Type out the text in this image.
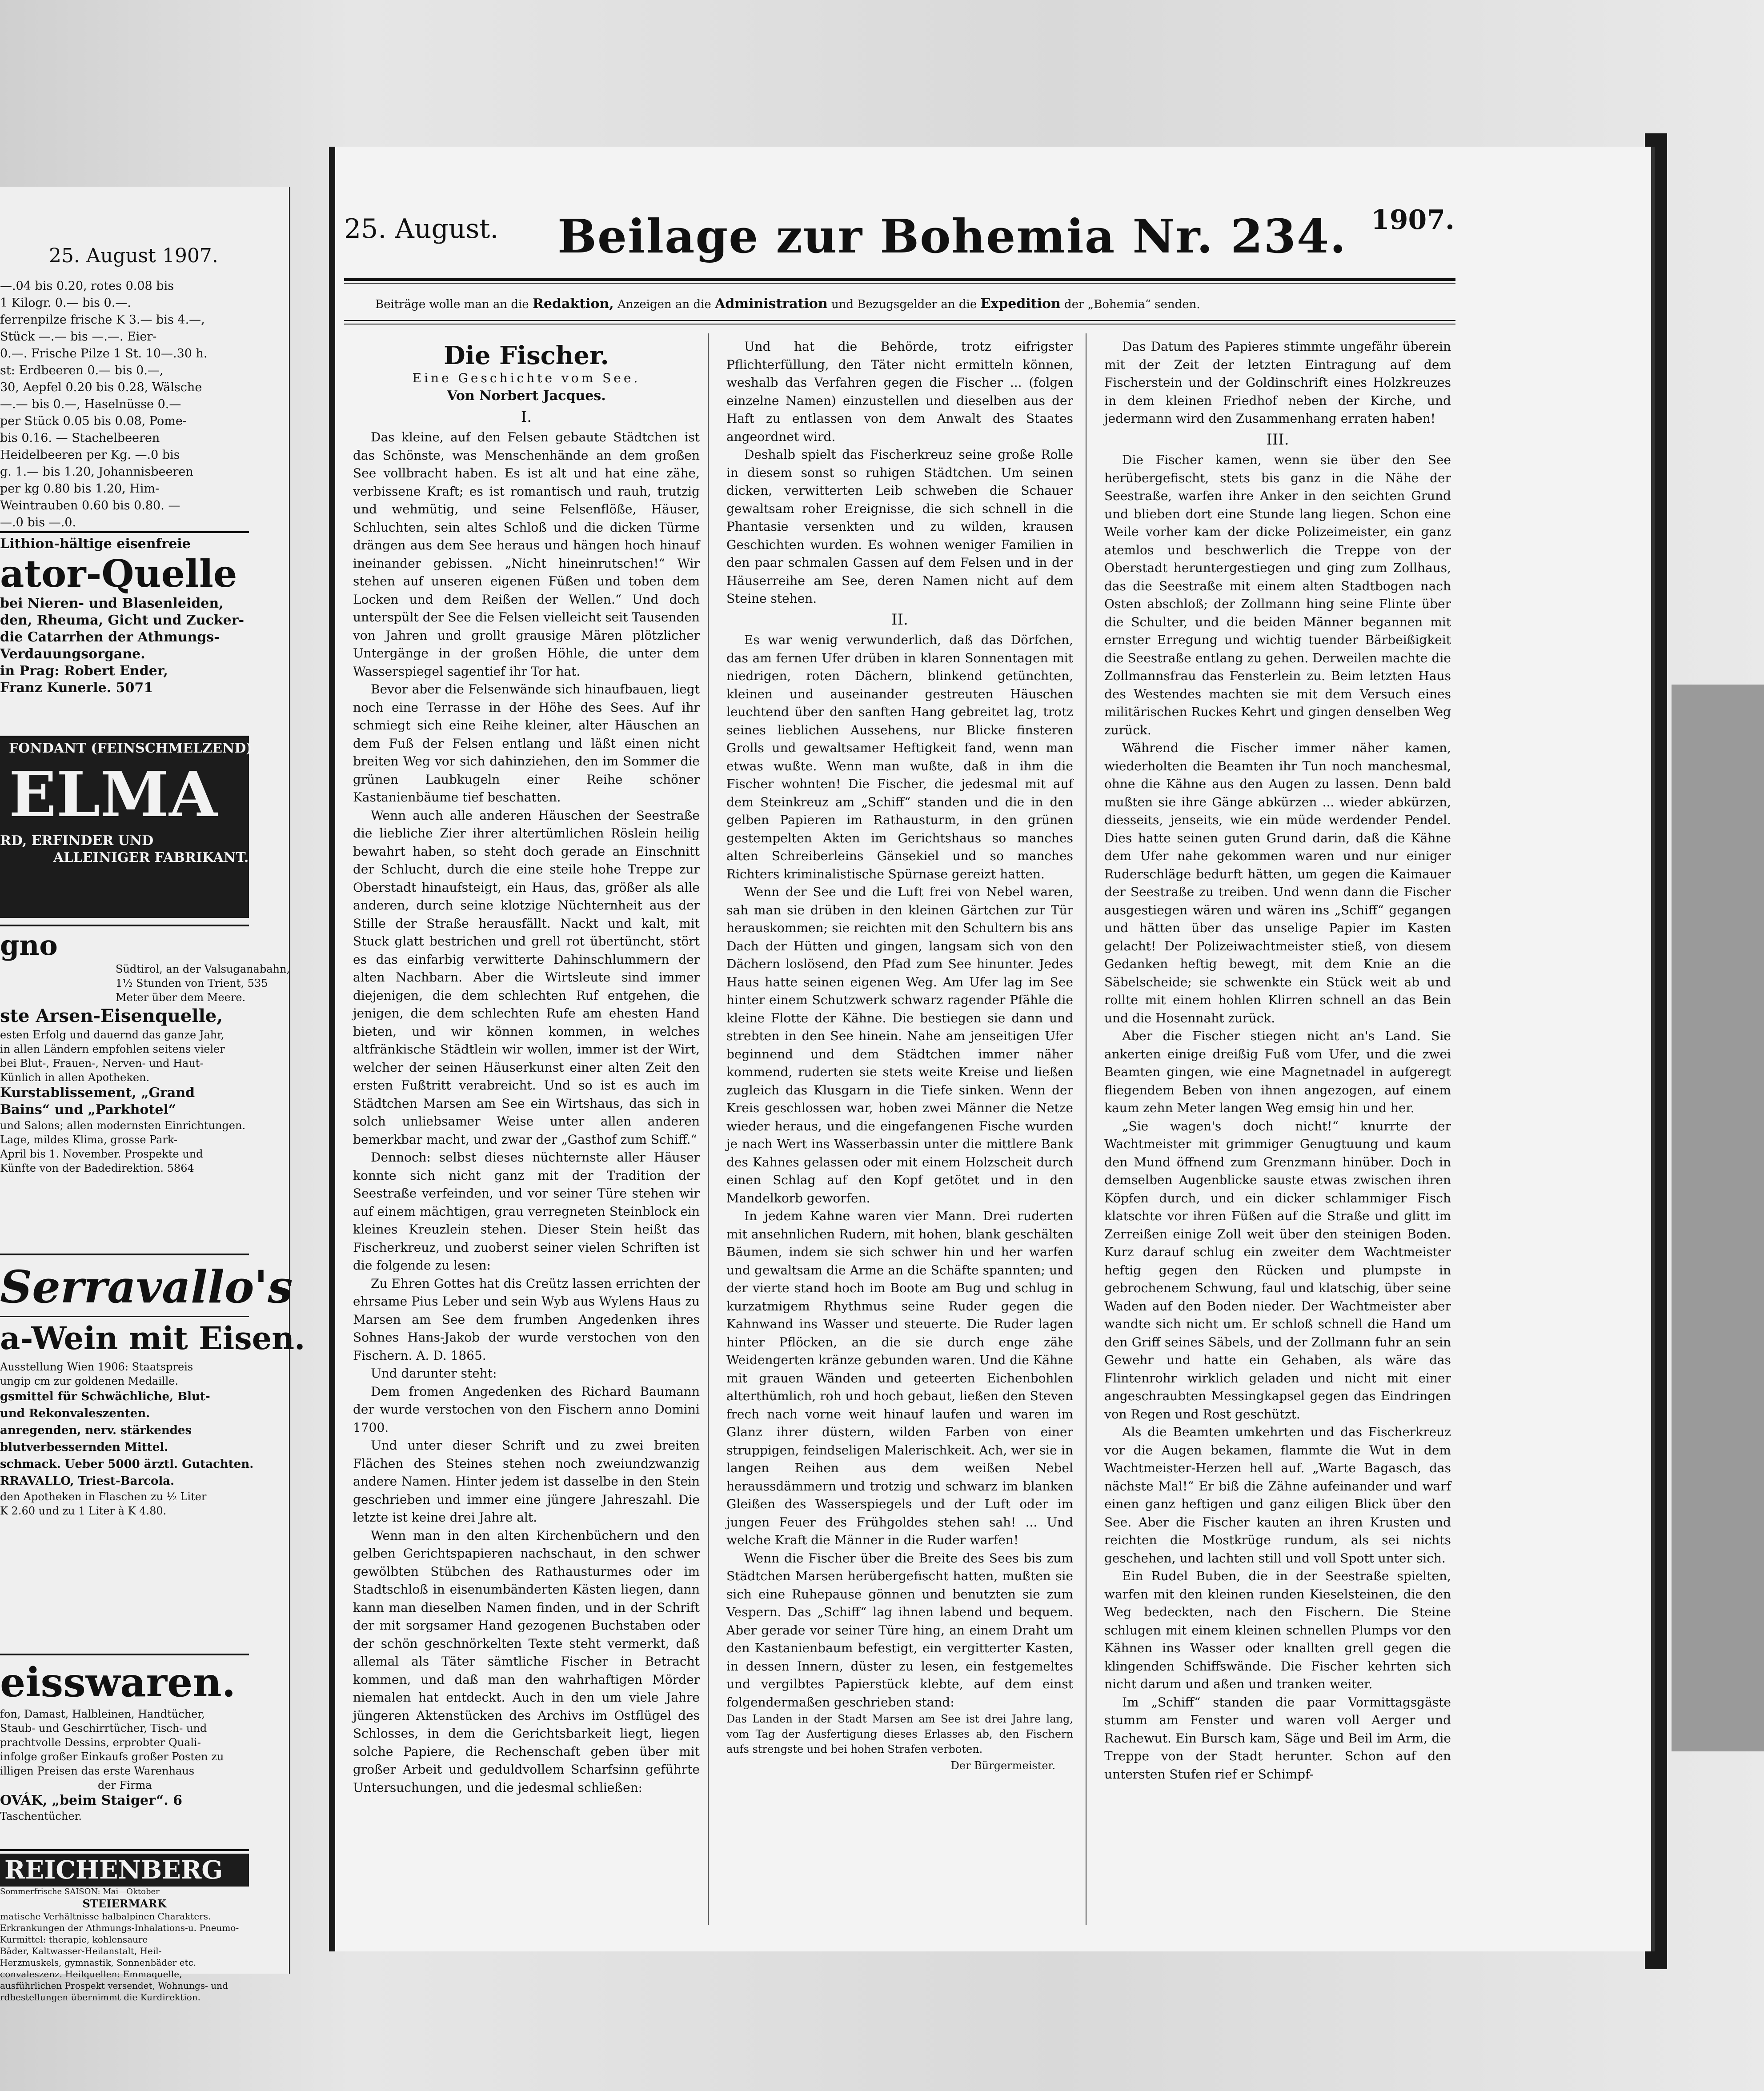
25. August 1907.
—.04 bis 0.20, rotes 0.08 bis
1 Kilogr. 0.— bis 0.—.
ferrenpilze frische K 3.— bis 4.—,
Stück —.— bis —.—. Eier-
0.—. Frische Pilze 1 St. 10—.30 h.
st: Erdbeeren 0.— bis 0.—,
30, Aepfel 0.20 bis 0.28, Wälsche
—.— bis 0.—, Haselnüsse 0.—
per Stück 0.05 bis 0.08, Pome-
bis 0.16. — Stachelbeeren
Heidelbeeren per Kg. —.0 bis
g. 1.— bis 1.20, Johannisbeeren
per kg 0.80 bis 1.20, Him-
Weintrauben 0.60 bis 0.80. —
—.0 bis —.0.
Lithion-hältige eisenfreie
ator-Quelle
bei Nieren- und Blasenleiden,
den, Rheuma, Gicht und Zucker-
die Catarrhen der Athmungs-
Verdauungsorgane.
in Prag: Robert Ender,
Franz Kunerle. 5071
FONDANT (FEINSCHMELZEND)
ELMA
RD, ERFINDER UND
ALLEINIGER FABRIKANT.
gno
Südtirol, an der Valsuganabahn,
1½ Stunden von Trient, 535
Meter über dem Meere.
ste Arsen-Eisenquelle,
esten Erfolg und dauernd das ganze Jahr,
in allen Ländern empfohlen seitens vieler
bei Blut-, Frauen-, Nerven- und Haut-
Künlich in allen Apotheken.
Kurstablissement, „Grand
Bains“ und „Parkhotel“
und Salons; allen modernsten Einrichtungen.
Lage, mildes Klima, grosse Park-
April bis 1. November. Prospekte und
Künfte von der Badedirektion. 5864
Serravallo's
a-Wein mit Eisen.
Ausstellung Wien 1906: Staatspreis
ungip cm zur goldenen Medaille.
gsmittel für Schwächliche, Blut-
und Rekonvaleszenten.
anregenden, nerv. stärkendes
blutverbessernden Mittel.
schmack. Ueber 5000 ärztl. Gutachten.
RRAVALLO, Triest-Barcola.
den Apotheken in Flaschen zu ½ Liter
K 2.60 und zu 1 Liter à K 4.80.
eisswaren.
fon, Damast, Halbleinen, Handtücher,
Staub- und Geschirrtücher, Tisch- und
prachtvolle Dessins, erprobter Quali-
infolge großer Einkaufs großer Posten zu
illigen Preisen das erste Warenhaus
der Firma
OVÁK, „beim Staiger“. 6
Taschentücher.
REICHENBERG
Sommerfrische SAISON: Mai—Oktober
STEIERMARK
matische Verhältnisse halbalpinen Charakters.
Erkrankungen der Athmungs-Inhalations-u. Pneumo-
Kurmittel: therapie, kohlensaure
Bäder, Kaltwasser-Heilanstalt, Heil-
Herzmuskels, gymnastik, Sonnenbäder etc.
convaleszenz. Heilquellen: Emmaquelle,
ausführlichen Prospekt versendet, Wohnungs- und
rdbestellungen übernimmt die Kurdirektion.
25. August. Beilage zur Bohemia Nr. 234. 1907.
Beiträge wolle man an die Redaktion, Anzeigen an die Administration und Bezugsgelder an die Expedition der „Bohemia“ senden.
Die Fischer.
Eine Geschichte vom See.
Von Norbert Jacques.
I.

Das kleine, auf den Felsen gebaute Städtchen ist das Schönste, was Menschenhände an dem großen See vollbracht haben. Es ist alt und hat eine zähe, verbissene Kraft; es ist romantisch und rauh, trutzig und wehmütig, und seine Felsenflöße, Häuser, Schluchten, sein altes Schloß und die dicken Türme drängen aus dem See heraus und hängen hoch hinauf ineinander gebissen. „Nicht hineinrutschen!“ Wir stehen auf unseren eigenen Füßen und toben dem Locken und dem Reißen der Wellen.“ Und doch unterspült der See die Felsen vielleicht seit Tausenden von Jahren und grollt grausige Mären plötzlicher Untergänge in der großen Höhle, die unter dem Wasserspiegel sagentief ihr Tor hat.

Bevor aber die Felsenwände sich hinaufbauen, liegt noch eine Terrasse in der Höhe des Sees. Auf ihr schmiegt sich eine Reihe kleiner, alter Häuschen an dem Fuß der Felsen entlang und läßt einen nicht breiten Weg vor sich dahinziehen, den im Sommer die grünen Laubkugeln einer Reihe schöner Kastanienbäume tief beschatten.

Wenn auch alle anderen Häuschen der Seestraße die liebliche Zier ihrer altertümlichen Röslein heilig bewahrt haben, so steht doch gerade an Einschnitt der Schlucht, durch die eine steile hohe Treppe zur Oberstadt hinaufsteigt, ein Haus, das, größer als alle anderen, durch seine klotzige Nüchternheit aus der Stille der Straße herausfällt. Nackt und kalt, mit Stuck glatt bestrichen und grell rot übertüncht, stört es das einfarbig verwitterte Dahinschlummern der alten Nachbarn. Aber die Wirtsleute sind immer diejenigen, die dem schlechten Ruf entgehen, die jenigen, die dem schlechten Rufe am ehesten Hand bieten, und wir können kommen, in welches altfränkische Städtlein wir wollen, immer ist der Wirt, welcher der seinen Häuserkunst einer alten Zeit den ersten Fußtritt verabreicht. Und so ist es auch im Städtchen Marsen am See ein Wirtshaus, das sich in solch unliebsamer Weise unter allen anderen bemerkbar macht, und zwar der „Gasthof zum Schiff.“

Dennoch: selbst dieses nüchternste aller Häuser konnte sich nicht ganz mit der Tradition der Seestraße verfeinden, und vor seiner Türe stehen wir auf einem mächtigen, grau verregneten Steinblock ein kleines Kreuzlein stehen. Dieser Stein heißt das Fischerkreuz, und zuoberst seiner vielen Schriften ist die folgende zu lesen:

Zu Ehren Gottes hat dis Creütz lassen errichten der ehrsame Pius Leber und sein Wyb aus Wylens Haus zu Marsen am See dem frumben Angedenken ihres Sohnes Hans-Jakob der wurde verstochen von den Fischern. A. D. 1865.

Und darunter steht:

Dem fromen Angedenken des Richard Baumann der wurde verstochen von den Fischern anno Domini 1700.

Und unter dieser Schrift und zu zwei breiten Flächen des Steines stehen noch zweiundzwanzig andere Namen. Hinter jedem ist dasselbe in den Stein geschrieben und immer eine jüngere Jahreszahl. Die letzte ist keine drei Jahre alt.

Wenn man in den alten Kirchenbüchern und den gelben Gerichtspapieren nachschaut, in den schwer gewölbten Stübchen des Rathausturmes oder im Stadtschloß in eisenumbänderten Kästen liegen, dann kann man dieselben Namen finden, und in der Schrift der mit sorgsamer Hand gezogenen Buchstaben oder der schön geschnörkelten Texte steht vermerkt, daß allemal als Täter sämtliche Fischer in Betracht kommen, und daß man den wahrhaftigen Mörder niemalen hat entdeckt. Auch in den um viele Jahre jüngeren Aktenstücken des Archivs im Ostflügel des Schlosses, in dem die Gerichtsbarkeit liegt, liegen solche Papiere, die Rechenschaft geben über mit großer Arbeit und geduldvollem Scharfsinn geführte Untersuchungen, und die jedesmal schließen:

Und hat die Behörde, trotz eifrigster Pflichterfüllung, den Täter nicht ermitteln können, weshalb das Verfahren gegen die Fischer ... (folgen einzelne Namen) einzustellen und dieselben aus der Haft zu entlassen von dem Anwalt des Staates angeordnet wird.

Deshalb spielt das Fischerkreuz seine große Rolle in diesem sonst so ruhigen Städtchen. Um seinen dicken, verwitterten Leib schweben die Schauer gewaltsam roher Ereignisse, die sich schnell in die Phantasie versenkten und zu wilden, krausen Geschichten wurden. Es wohnen weniger Familien in den paar schmalen Gassen auf dem Felsen und in der Häuserreihe am See, deren Namen nicht auf dem Steine stehen.

II.

Es war wenig verwunderlich, daß das Dörfchen, das am fernen Ufer drüben in klaren Sonnentagen mit niedrigen, roten Dächern, blinkend getünchten, kleinen und auseinander gestreuten Häuschen leuchtend über den sanften Hang gebreitet lag, trotz seines lieblichen Aussehens, nur Blicke finsteren Grolls und gewaltsamer Heftigkeit fand, wenn man etwas wußte. Wenn man wußte, daß in ihm die Fischer wohnten! Die Fischer, die jedesmal mit auf dem Steinkreuz am „Schiff“ standen und die in den gelben Papieren im Rathausturm, in den grünen gestempelten Akten im Gerichtshaus so manches alten Schreiberleins Gänsekiel und so manches Richters kriminalistische Spürnase gereizt hatten.

Wenn der See und die Luft frei von Nebel waren, sah man sie drüben in den kleinen Gärtchen zur Tür herauskommen; sie reichten mit den Schultern bis ans Dach der Hütten und gingen, langsam sich von den Dächern loslösend, den Pfad zum See hinunter. Jedes Haus hatte seinen eigenen Weg. Am Ufer lag im See hinter einem Schutzwerk schwarz ragender Pfähle die kleine Flotte der Kähne. Die bestiegen sie dann und strebten in den See hinein. Nahe am jenseitigen Ufer beginnend und dem Städtchen immer näher kommend, ruderten sie stets weite Kreise und ließen zugleich das Klusgarn in die Tiefe sinken. Wenn der Kreis geschlossen war, hoben zwei Männer die Netze wieder heraus, und die eingefangenen Fische wurden je nach Wert ins Wasserbassin unter die mittlere Bank des Kahnes gelassen oder mit einem Holzscheit durch einen Schlag auf den Kopf getötet und in den Mandelkorb geworfen.

In jedem Kahne waren vier Mann. Drei ruderten mit ansehnlichen Rudern, mit hohen, blank geschälten Bäumen, indem sie sich schwer hin und her warfen und gewaltsam die Arme an die Schäfte spannten; und der vierte stand hoch im Boote am Bug und schlug in kurzatmigem Rhythmus seine Ruder gegen die Kahnwand ins Wasser und steuerte. Die Ruder lagen hinter Pflöcken, an die sie durch enge zähe Weidengerten kränze gebunden waren. Und die Kähne mit grauen Wänden und geteerten Eichenbohlen alterthümlich, roh und hoch gebaut, ließen den Steven frech nach vorne weit hinauf laufen und waren im Glanz ihrer düstern, wilden Farben von einer struppigen, feindseligen Malerischkeit. Ach, wer sie in langen Reihen aus dem weißen Nebel heraussdämmern und trotzig und schwarz im blanken Gleißen des Wasserspiegels und der Luft oder im jungen Feuer des Frühgoldes stehen sah! ... Und welche Kraft die Männer in die Ruder warfen!

Wenn die Fischer über die Breite des Sees bis zum Städtchen Marsen herübergefischt hatten, mußten sie sich eine Ruhepause gönnen und benutzten sie zum Vespern. Das „Schiff“ lag ihnen labend und bequem. Aber gerade vor seiner Türe hing, an einem Draht um den Kastanienbaum befestigt, ein vergitterter Kasten, in dessen Innern, düster zu lesen, ein festgemeltes und vergilbtes Papierstück klebte, auf dem einst folgendermaßen geschrieben stand:

Das Landen in der Stadt Marsen am See ist drei Jahre lang, vom Tag der Ausfertigung dieses Erlasses ab, den Fischern aufs strengste und bei hohen Strafen verboten.

Der Bürgermeister.

Das Datum des Papieres stimmte ungefähr überein mit der Zeit der letzten Eintragung auf dem Fischerstein und der Goldinschrift eines Holzkreuzes in dem kleinen Friedhof neben der Kirche, und jedermann wird den Zusammenhang erraten haben!

III.

Die Fischer kamen, wenn sie über den See herübergefischt, stets bis ganz in die Nähe der Seestraße, warfen ihre Anker in den seichten Grund und blieben dort eine Stunde lang liegen. Schon eine Weile vorher kam der dicke Polizeimeister, ein ganz atemlos und beschwerlich die Treppe von der Oberstadt heruntergestiegen und ging zum Zollhaus, das die Seestraße mit einem alten Stadtbogen nach Osten abschloß; der Zollmann hing seine Flinte über die Schulter, und die beiden Männer begannen mit ernster Erregung und wichtig tuender Bärbeißigkeit die Seestraße entlang zu gehen. Derweilen machte die Zollmannsfrau das Fensterlein zu. Beim letzten Haus des Westendes machten sie mit dem Versuch eines militärischen Ruckes Kehrt und gingen denselben Weg zurück.

Während die Fischer immer näher kamen, wiederholten die Beamten ihr Tun noch manchesmal, ohne die Kähne aus den Augen zu lassen. Denn bald mußten sie ihre Gänge abkürzen ... wieder abkürzen, diesseits, jenseits, wie ein müde werdender Pendel. Dies hatte seinen guten Grund darin, daß die Kähne dem Ufer nahe gekommen waren und nur einiger Ruderschläge bedurft hätten, um gegen die Kaimauer der Seestraße zu treiben. Und wenn dann die Fischer ausgestiegen wären und wären ins „Schiff“ gegangen und hätten über das unselige Papier im Kasten gelacht! Der Polizeiwachtmeister stieß, von diesem Gedanken heftig bewegt, mit dem Knie an die Säbelscheide; sie schwenkte ein Stück weit ab und rollte mit einem hohlen Klirren schnell an das Bein und die Hosennaht zurück.

Aber die Fischer stiegen nicht an's Land. Sie ankerten einige dreißig Fuß vom Ufer, und die zwei Beamten gingen, wie eine Magnetnadel in aufgeregt fliegendem Beben von ihnen angezogen, auf einem kaum zehn Meter langen Weg emsig hin und her.

„Sie wagen's doch nicht!“ knurrte der Wachtmeister mit grimmiger Genugtuung und kaum den Mund öffnend zum Grenzmann hinüber. Doch in demselben Augenblicke sauste etwas zwischen ihren Köpfen durch, und ein dicker schlammiger Fisch klatschte vor ihren Füßen auf die Straße und glitt im Zerreißen einige Zoll weit über den steinigen Boden. Kurz darauf schlug ein zweiter dem Wachtmeister heftig gegen den Rücken und plumpste in gebrochenem Schwung, faul und klatschig, über seine Waden auf den Boden nieder. Der Wachtmeister aber wandte sich nicht um. Er schloß schnell die Hand um den Griff seines Säbels, und der Zollmann fuhr an sein Gewehr und hatte ein Gehaben, als wäre das Flintenrohr wirklich geladen und nicht mit einer angeschraubten Messingkapsel gegen das Eindringen von Regen und Rost geschützt.

Als die Beamten umkehrten und das Fischerkreuz vor die Augen bekamen, flammte die Wut in dem Wachtmeister-Herzen hell auf. „Warte Bagasch, das nächste Mal!“ Er biß die Zähne aufeinander und warf einen ganz heftigen und ganz eiligen Blick über den See. Aber die Fischer kauten an ihren Krusten und reichten die Mostkrüge rundum, als sei nichts geschehen, und lachten still und voll Spott unter sich.

Ein Rudel Buben, die in der Seestraße spielten, warfen mit den kleinen runden Kieselsteinen, die den Weg bedeckten, nach den Fischern. Die Steine schlugen mit einem kleinen schnellen Plumps vor den Kähnen ins Wasser oder knallten grell gegen die klingenden Schiffswände. Die Fischer kehrten sich nicht darum und aßen und tranken weiter.

Im „Schiff“ standen die paar Vormittagsgäste stumm am Fenster und waren voll Aerger und Rachewut. Ein Bursch kam, Säge und Beil im Arm, die Treppe von der Stadt herunter. Schon auf den untersten Stufen rief er Schimpf-
